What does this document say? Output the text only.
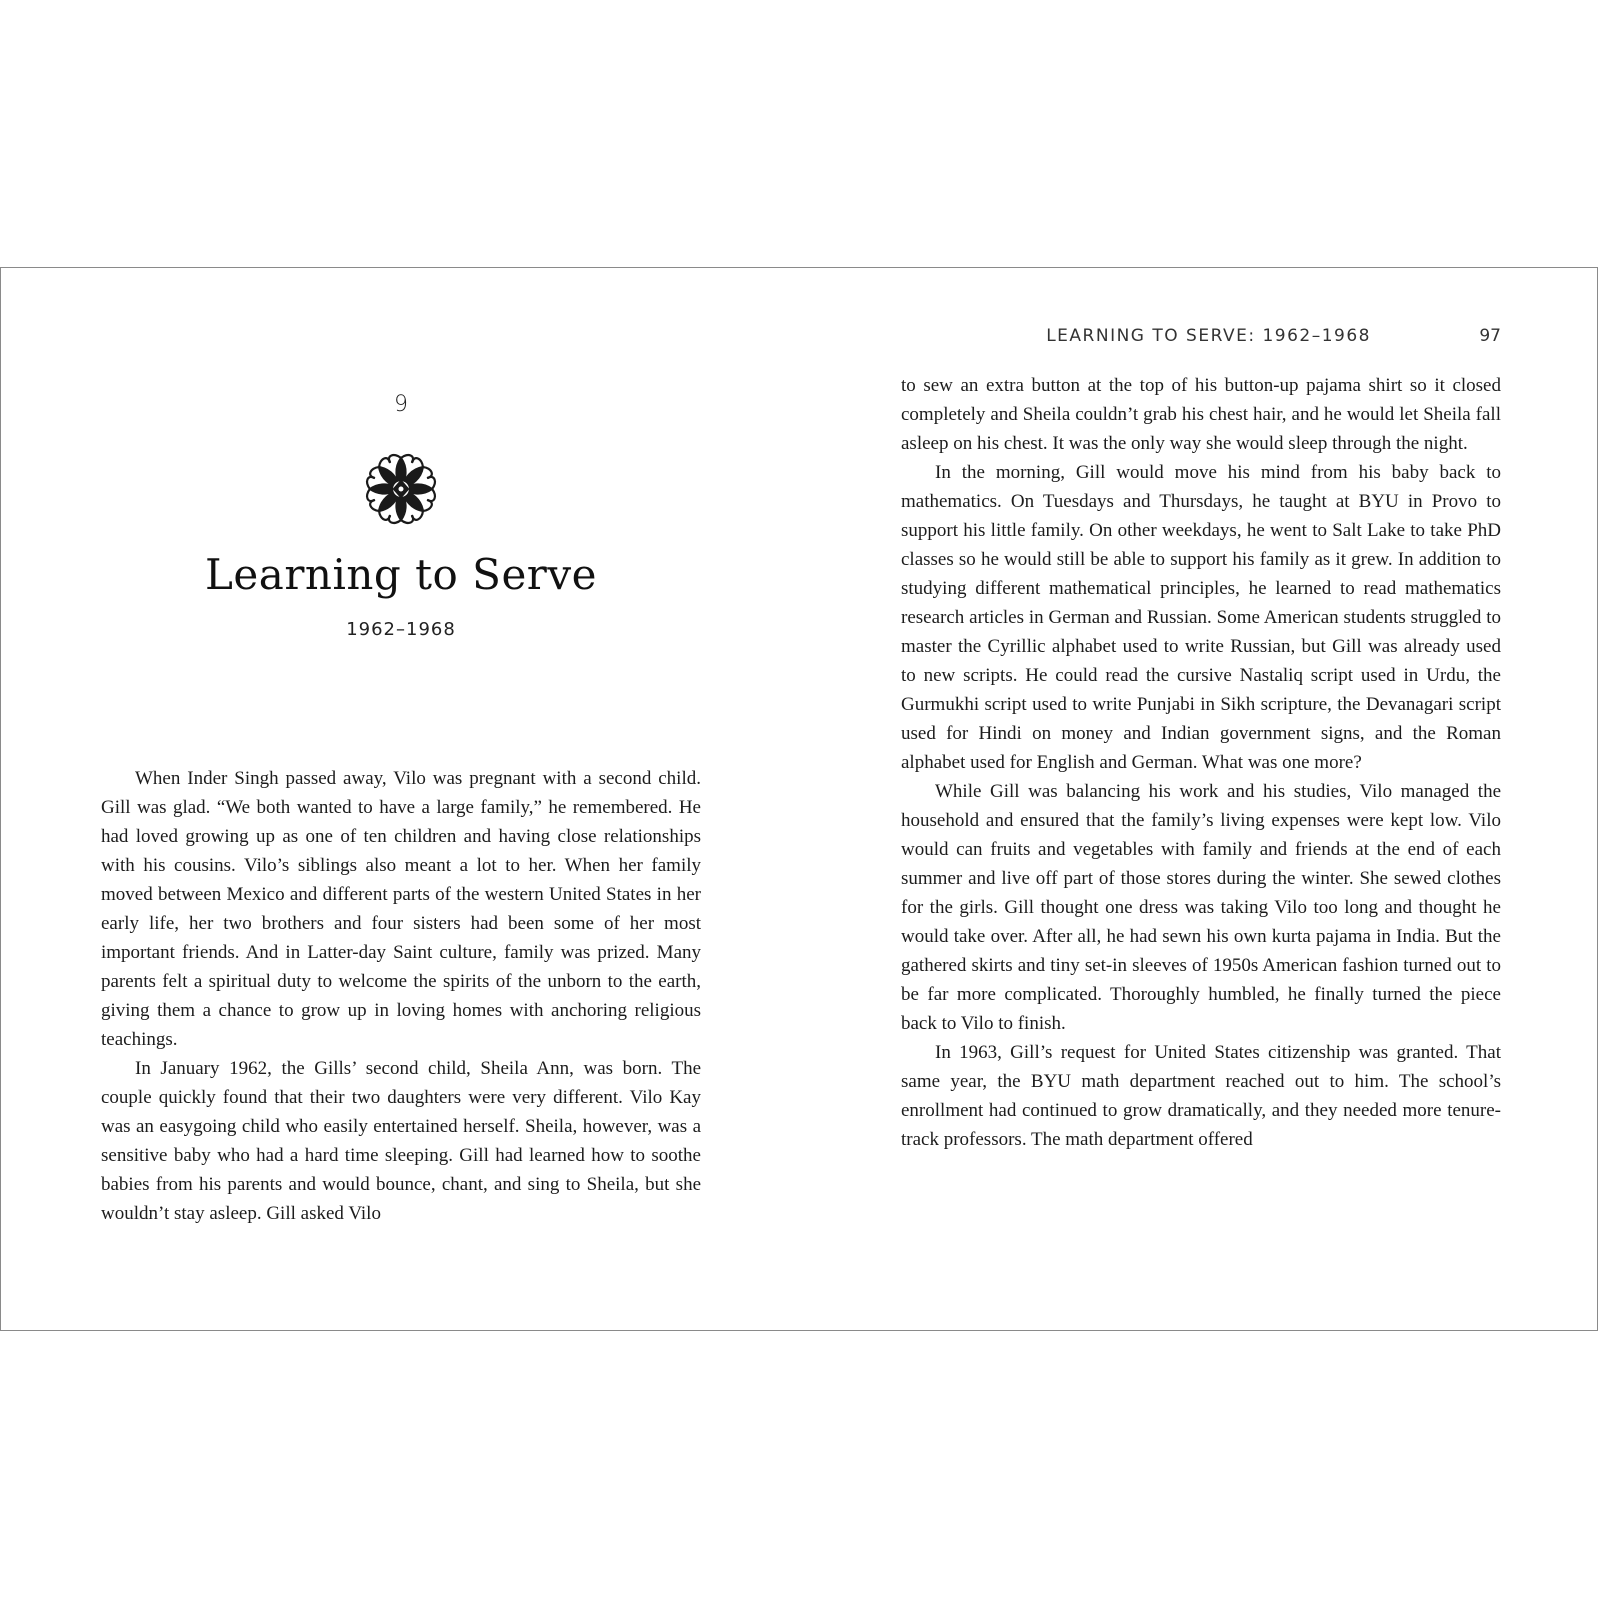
9
Learning to Serve
1962–1968

When Inder Singh passed away, Vilo was pregnant with a second child. Gill was glad. “We both wanted to have a large family,” he remembered. He had loved growing up as one of ten children and having close relationships with his cousins. Vilo’s siblings also meant a lot to her. When her family moved between Mexico and different parts of the western United States in her early life, her two brothers and four sisters had been some of her most important friends. And in Latter-day Saint culture, family was prized. Many parents felt a spiritual duty to welcome the spirits of the unborn to the earth, giving them a chance to grow up in loving homes with anchoring religious teachings.

In January 1962, the Gills’ second child, Sheila Ann, was born. The couple quickly found that their two daughters were very different. Vilo Kay was an easygoing child who easily entertained herself. Sheila, however, was a sensitive baby who had a hard time sleeping. Gill had learned how to soothe babies from his parents and would bounce, chant, and sing to Sheila, but she wouldn’t stay asleep. Gill asked Vilo

LEARNING TO SERVE: 1962–1968	97

to sew an extra button at the top of his button-up pajama shirt so it closed completely and Sheila couldn’t grab his chest hair, and he would let Sheila fall asleep on his chest. It was the only way she would sleep through the night.

In the morning, Gill would move his mind from his baby back to mathematics. On Tuesdays and Thursdays, he taught at BYU in Provo to support his little family. On other weekdays, he went to Salt Lake to take PhD classes so he would still be able to support his family as it grew. In addition to studying different mathematical principles, he learned to read mathematics research articles in German and Russian. Some American students struggled to master the Cyrillic alphabet used to write Russian, but Gill was already used to new scripts. He could read the cursive Nastaliq script used in Urdu, the Gurmukhi script used to write Punjabi in Sikh scripture, the Devanagari script used for Hindi on money and Indian government signs, and the Roman alphabet used for English and German. What was one more?

While Gill was balancing his work and his studies, Vilo managed the household and ensured that the family’s living expenses were kept low. Vilo would can fruits and vegetables with family and friends at the end of each summer and live off part of those stores during the winter. She sewed clothes for the girls. Gill thought one dress was taking Vilo too long and thought he would take over. After all, he had sewn his own kurta pajama in India. But the gathered skirts and tiny set-in sleeves of 1950s American fashion turned out to be far more complicated. Thoroughly humbled, he finally turned the piece back to Vilo to finish.

In 1963, Gill’s request for United States citizenship was granted. That same year, the BYU math department reached out to him. The school’s enrollment had continued to grow dramatically, and they needed more tenure-track professors. The math department offered
